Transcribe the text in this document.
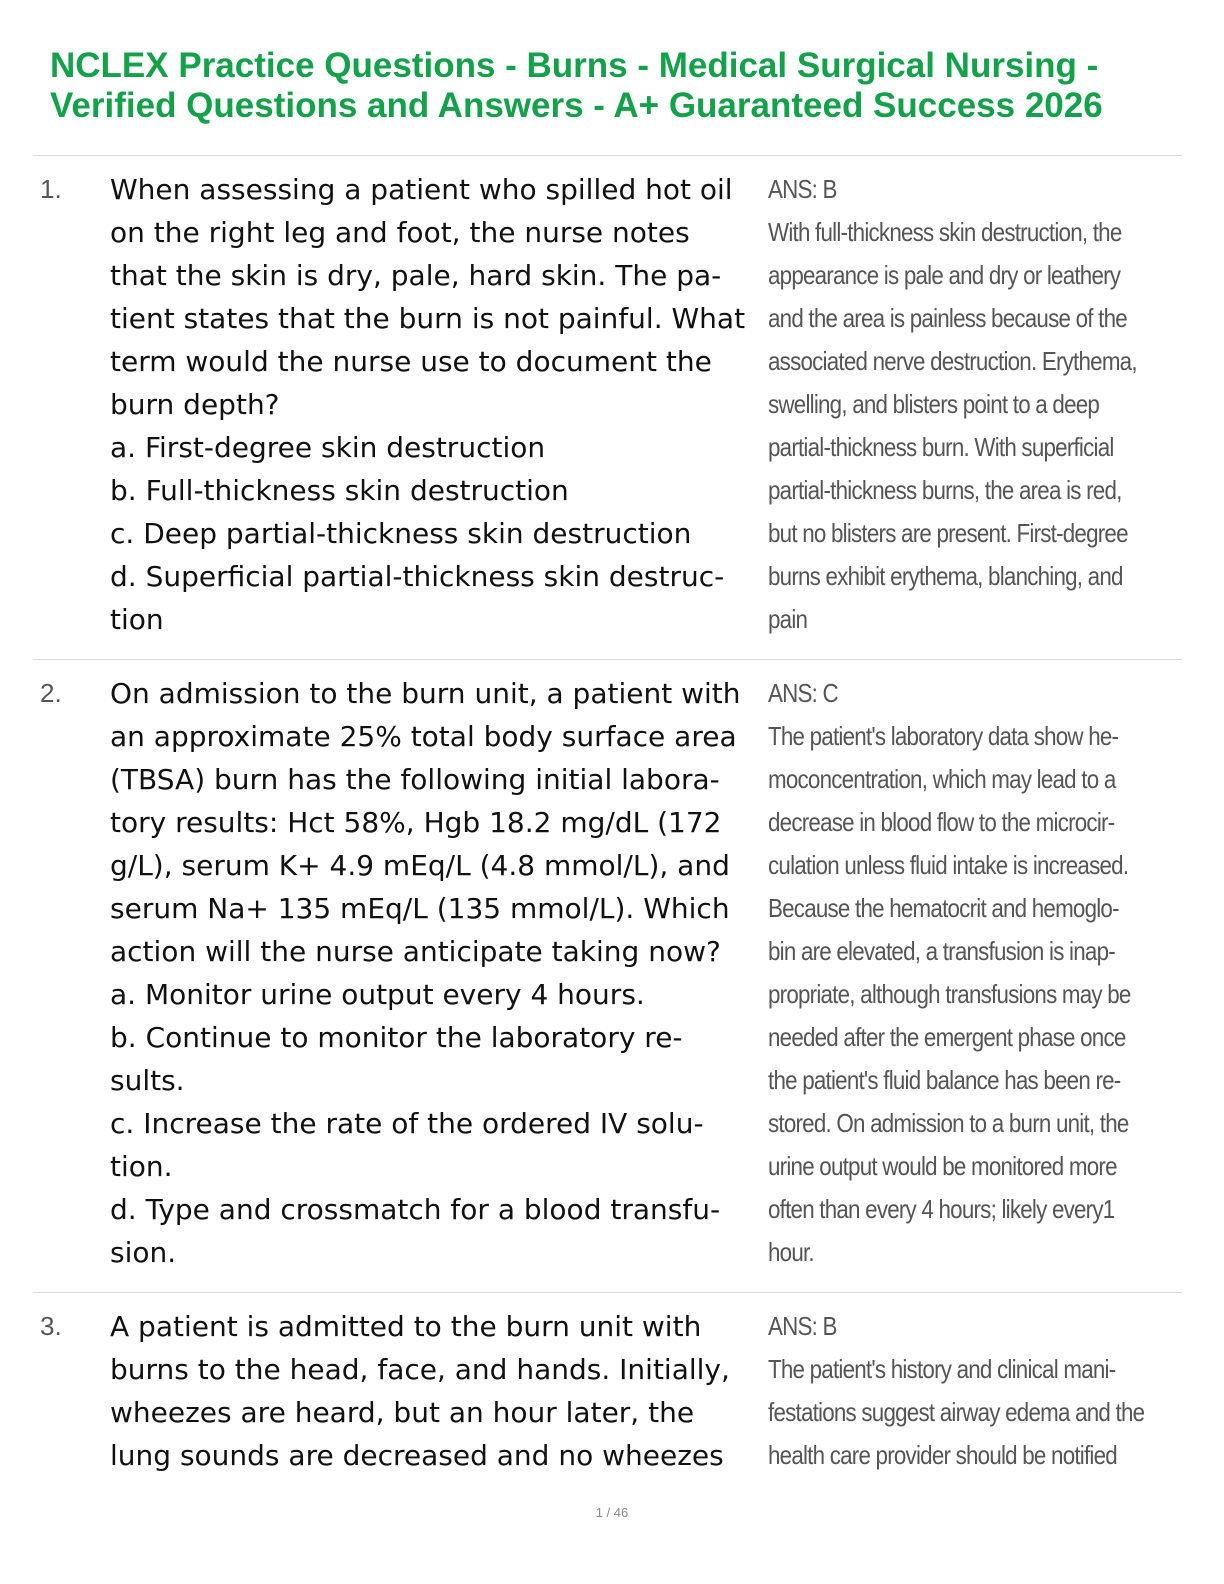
NCLEX Practice Questions - Burns - Medical Surgical Nursing -
Verified Questions and Answers - A+ Guaranteed Success 2026
1. When assessing a patient who spilled hot oil
on the right leg and foot, the nurse notes
that the skin is dry, pale, hard skin. The pa-
tient states that the burn is not painful. What
term would the nurse use to document the
burn depth?
a. First-degree skin destruction
b. Full-thickness skin destruction
c. Deep partial-thickness skin destruction
d. Superficial partial-thickness skin destruc-
tion
ANS: B
With full-thickness skin destruction, the
appearance is pale and dry or leathery
and the area is painless because of the
associated nerve destruction. Erythema,
swelling, and blisters point to a deep
partial-thickness burn. With superficial
partial-thickness burns, the area is red,
but no blisters are present. First-degree
burns exhibit erythema, blanching, and
pain
2. On admission to the burn unit, a patient with
an approximate 25% total body surface area
(TBSA) burn has the following initial labora-
tory results: Hct 58%, Hgb 18.2 mg/dL (172
g/L), serum K+ 4.9 mEq/L (4.8 mmol/L), and
serum Na+ 135 mEq/L (135 mmol/L). Which
action will the nurse anticipate taking now?
a. Monitor urine output every 4 hours.
b. Continue to monitor the laboratory re-
sults.
c. Increase the rate of the ordered IV solu-
tion.
d. Type and crossmatch for a blood transfu-
sion.
ANS: C
The patient's laboratory data show he-
moconcentration, which may lead to a
decrease in blood flow to the microcir-
culation unless fluid intake is increased.
Because the hematocrit and hemoglo-
bin are elevated, a transfusion is inap-
propriate, although transfusions may be
needed after the emergent phase once
the patient's fluid balance has been re-
stored. On admission to a burn unit, the
urine output would be monitored more
often than every 4 hours; likely every1
hour.
3. A patient is admitted to the burn unit with
burns to the head, face, and hands. Initially,
wheezes are heard, but an hour later, the
lung sounds are decreased and no wheezes
ANS: B
The patient's history and clinical mani-
festations suggest airway edema and the
health care provider should be notified
1 / 46
